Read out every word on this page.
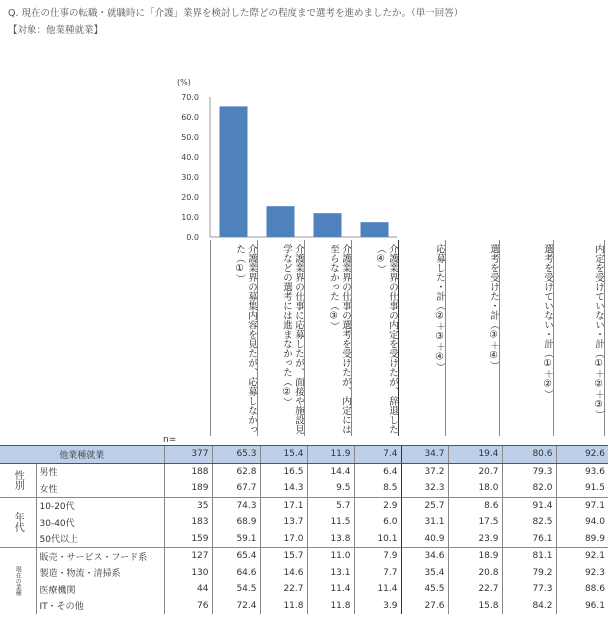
Q. 現在の仕事の転職・就職時に「介護」業界を検討した際どの程度まで選考を進めましたか。（単一回答）
【対象：他業種就業】
(%)
70.0
60.0
50.0
40.0
30.0
20.0
10.0
0.0
介護業界の募集内容を見たが、応募しなかった（①）	介護業界の仕事に応募したが、面接や施設見学などの選考には進まなかった（②）	介護業界の仕事の選考を受けたが、内定には至らなかった（③）	介護業界の仕事の内定を受けたが、辞退した（④）	応募した・計（②＋③＋④）	選考を受けた・計（③＋④）	選考を受けていない・計（①＋②）	内定を受けていない・計（①＋②＋③）
n=
他業種就業		377	65.3	15.4	11.9	7.4	34.7	19.4	80.6	92.6
性別	男性	188	62.8	16.5	14.4	6.4	37.2	20.7	79.3	93.6
	女性	189	67.7	14.3	9.5	8.5	32.3	18.0	82.0	91.5
年代	10-20代	35	74.3	17.1	5.7	2.9	25.7	8.6	91.4	97.1
	30-40代	183	68.9	13.7	11.5	6.0	31.1	17.5	82.5	94.0
	50代以上	159	59.1	17.0	13.8	10.1	40.9	23.9	76.1	89.9
現在の業種	販売・サービス・フード系	127	65.4	15.7	11.0	7.9	34.6	18.9	81.1	92.1
	製造・物流・清掃系	130	64.6	14.6	13.1	7.7	35.4	20.8	79.2	92.3
	医療機関	44	54.5	22.7	11.4	11.4	45.5	22.7	77.3	88.6
	IT・その他	76	72.4	11.8	11.8	3.9	27.6	15.8	84.2	96.1
